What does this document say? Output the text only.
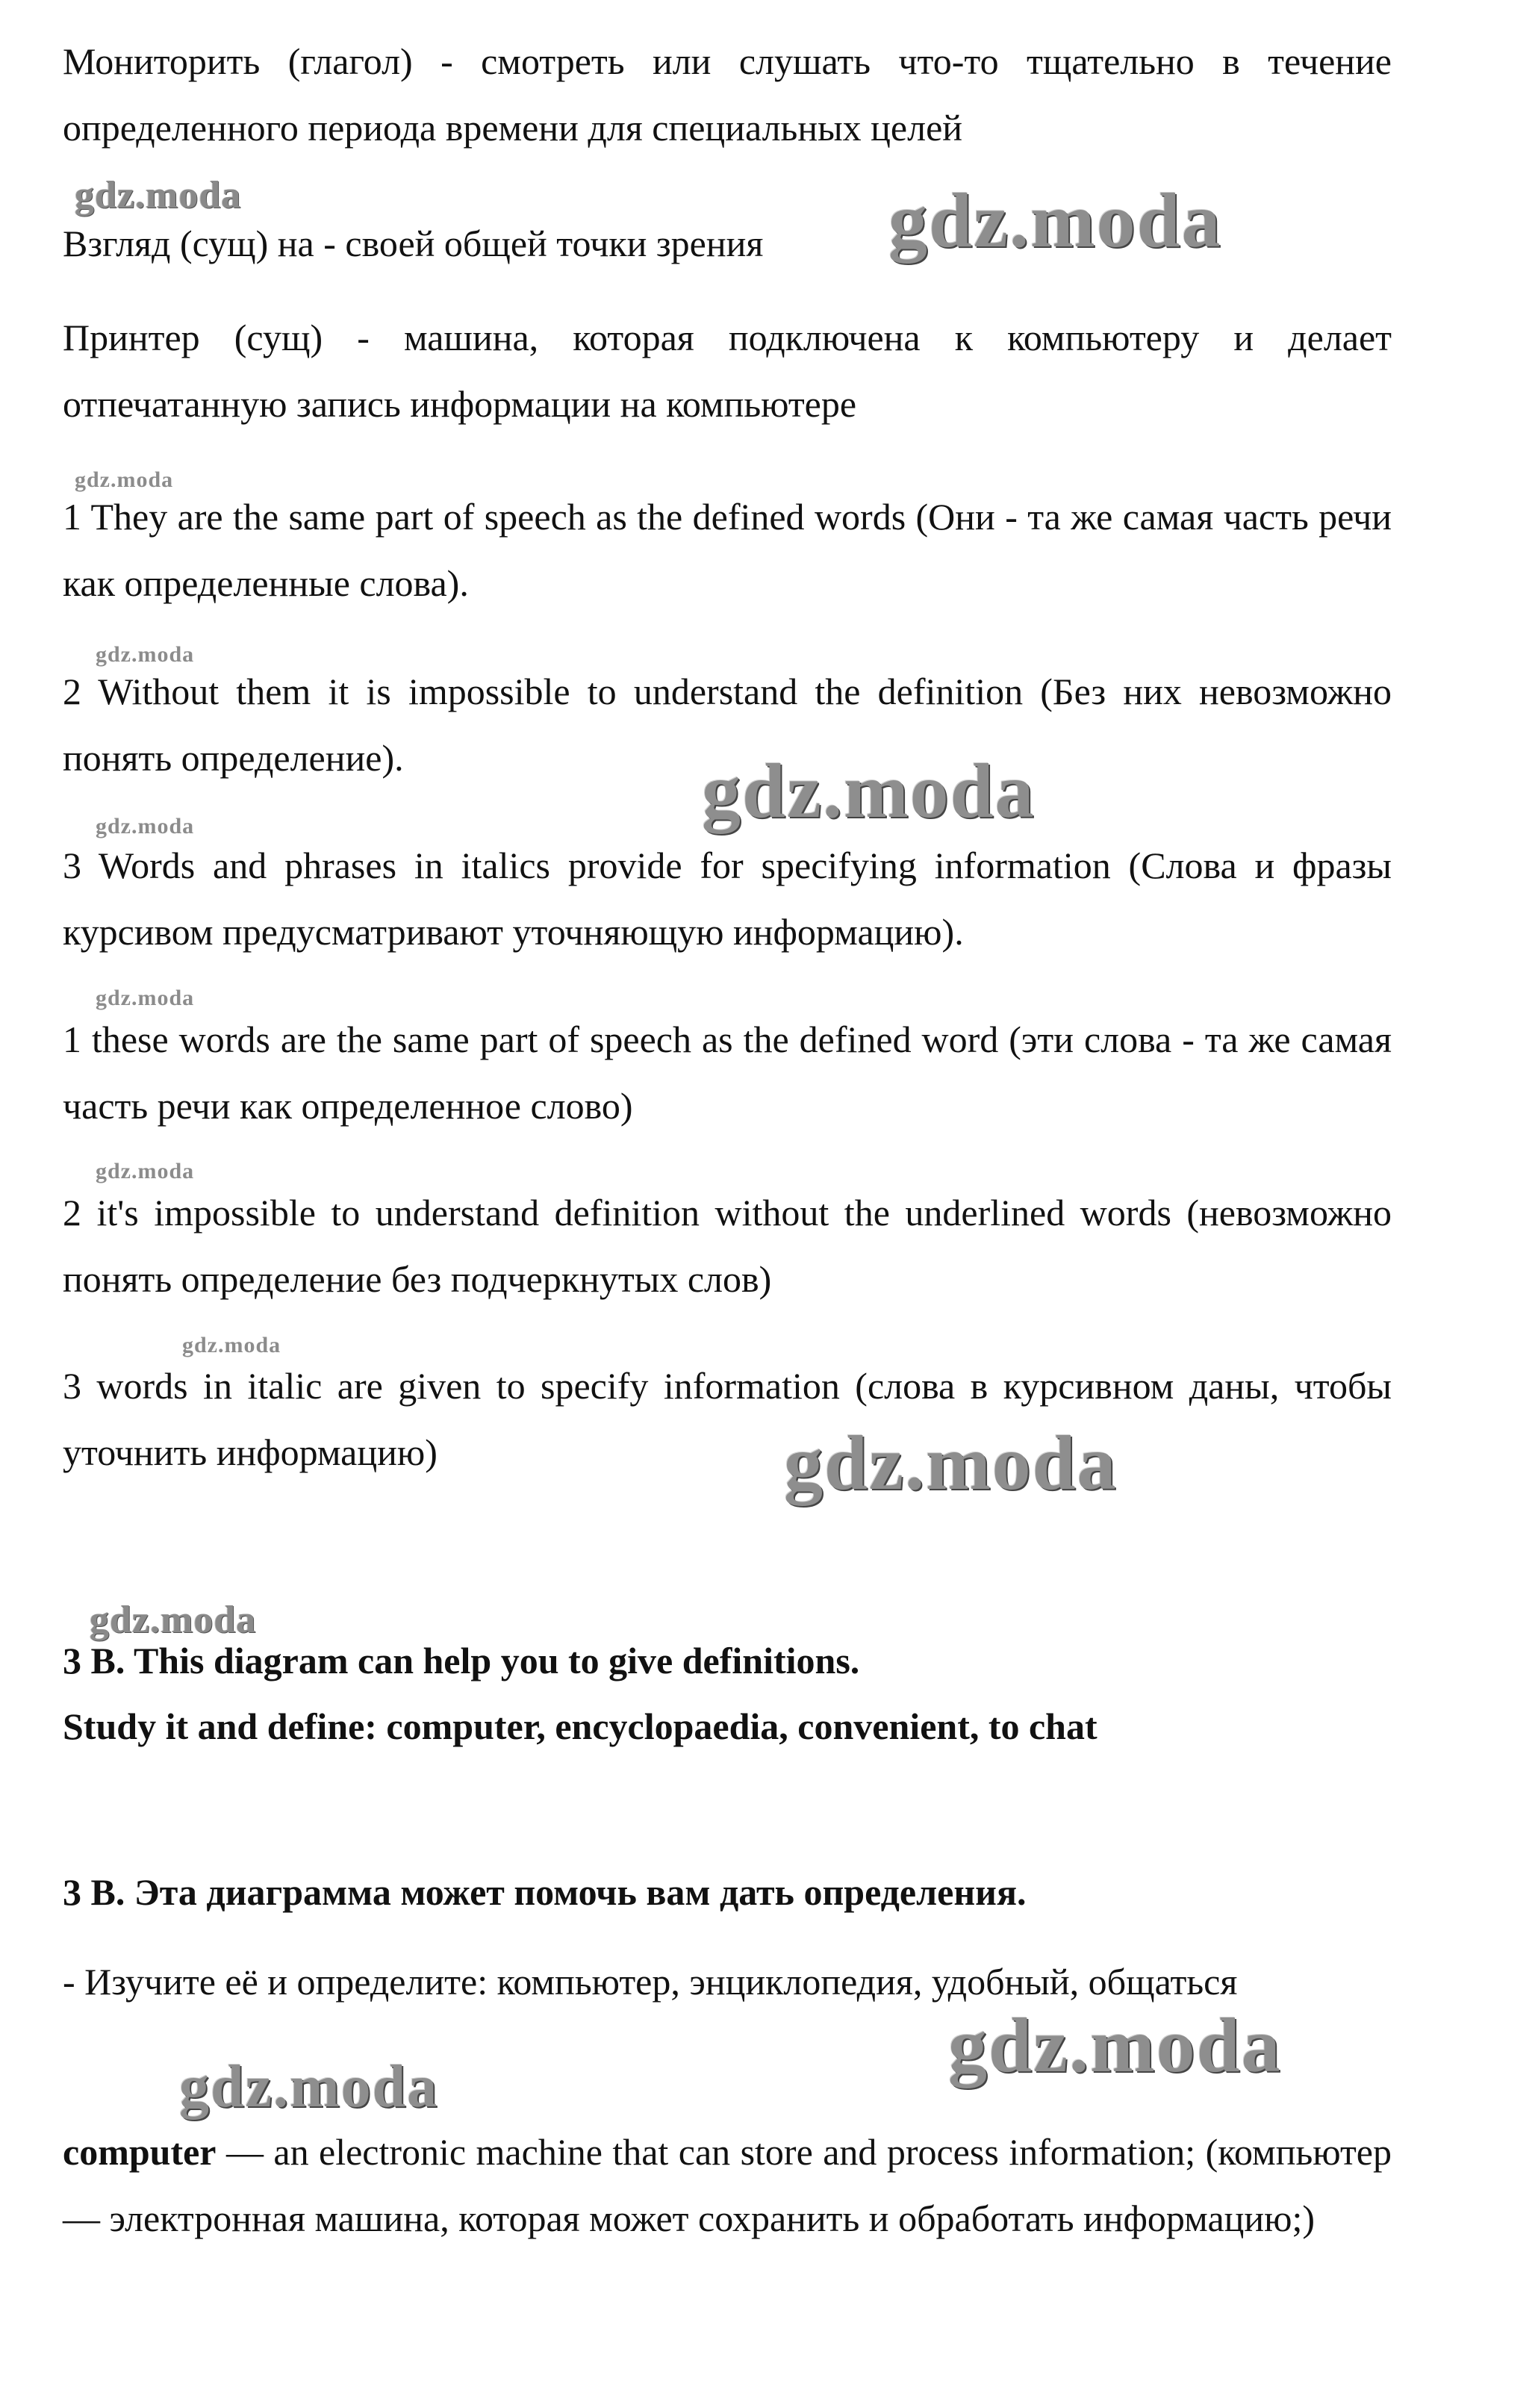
Мониторить (глагол) - смотреть или слушать что-то тщательно в течение определенного периода времени для специальных целей

gdz.moda

Взгляд (сущ) на - своей общей точки зрения	gdz.moda

Принтер (сущ) - машина, которая подключена к компьютеру и делает отпечатанную запись информации на компьютере

gdz.moda

1 They are the same part of speech as the defined words (Они - та же самая часть речи как определенные слова).

gdz.moda

2 Without them it is impossible to understand the definition (Без них невозможно понять определение).	gdz.moda
gdz.moda

3 Words and phrases in italics provide for specifying information (Слова и фразы курсивом предусматривают уточняющую информацию).

gdz.moda

1 these words are the same part of speech as the defined word (эти слова - та же самая часть речи как определенное слово)

gdz.moda

2 it's impossible to understand definition without the underlined words (невозможно понять определение без подчеркнутых слов)

gdz.moda

3 words in italic are given to specify information (слова в курсивном даны, чтобы уточнить информацию)	gdz.moda
gdz.moda

3 B. This diagram can help you to give definitions.

Study it and define: computer, encyclopaedia, convenient, to chat

3 B. Эта диаграмма может помочь вам дать определения.

- Изучите её и определите: компьютер, энциклопедия, удобный, общаться

gdz.moda
gdz.moda

computer — an electronic machine that can store and process information; (компьютер — электронная машина, которая может сохранить и обработать информацию;)
